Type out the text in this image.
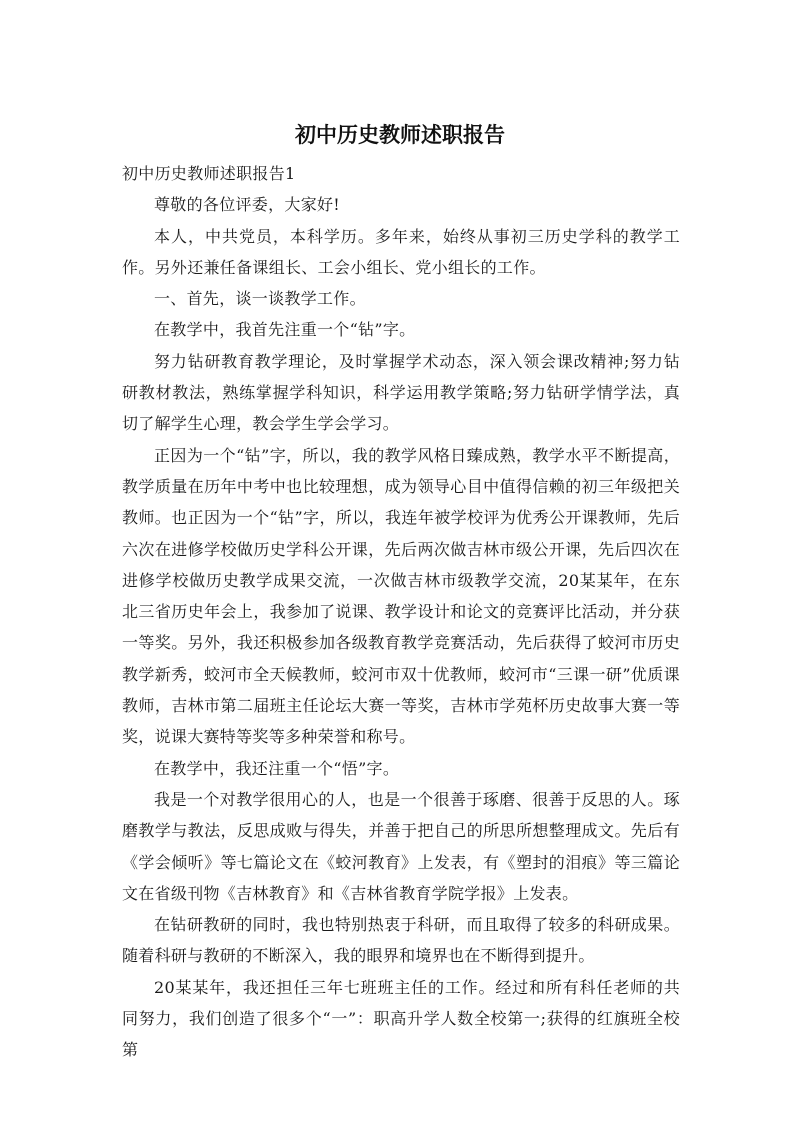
初中历史教师述职报告

初中历史教师述职报告1

尊敬的各位评委，大家好!

本人，中共党员，本科学历。多年来，始终从事初三历史学科的教学工作。另外还兼任备课组长、工会小组长、党小组长的工作。

一、首先，谈一谈教学工作。

在教学中，我首先注重一个“钻”字。

努力钻研教育教学理论，及时掌握学术动态，深入领会课改精神;努力钻研教材教法，熟练掌握学科知识，科学运用教学策略;努力钻研学情学法，真切了解学生心理，教会学生学会学习。

正因为一个“钻”字，所以，我的教学风格日臻成熟，教学水平不断提高，教学质量在历年中考中也比较理想，成为领导心目中值得信赖的初三年级把关教师。也正因为一个“钻”字，所以，我连年被学校评为优秀公开课教师，先后六次在进修学校做历史学科公开课，先后两次做吉林市级公开课，先后四次在进修学校做历史教学成果交流，一次做吉林市级教学交流，20某某年，在东北三省历史年会上，我参加了说课、教学设计和论文的竞赛评比活动，并分获一等奖。另外，我还积极参加各级教育教学竞赛活动，先后获得了蛟河市历史教学新秀，蛟河市全天候教师，蛟河市双十优教师，蛟河市“三课一研”优质课教师，吉林市第二届班主任论坛大赛一等奖，吉林市学苑杯历史故事大赛一等奖，说课大赛特等奖等多种荣誉和称号。

在教学中，我还注重一个“悟”字。

我是一个对教学很用心的人，也是一个很善于琢磨、很善于反思的人。琢磨教学与教法，反思成败与得失，并善于把自己的所思所想整理成文。先后有《学会倾听》等七篇论文在《蛟河教育》上发表，有《塑封的泪痕》等三篇论文在省级刊物《吉林教育》和《吉林省教育学院学报》上发表。

在钻研教研的同时，我也特别热衷于科研，而且取得了较多的科研成果。随着科研与教研的不断深入，我的眼界和境界也在不断得到提升。

20某某年，我还担任三年七班班主任的工作。经过和所有科任老师的共同努力，我们创造了很多个“一”：职高升学人数全校第一;获得的红旗班全校第
